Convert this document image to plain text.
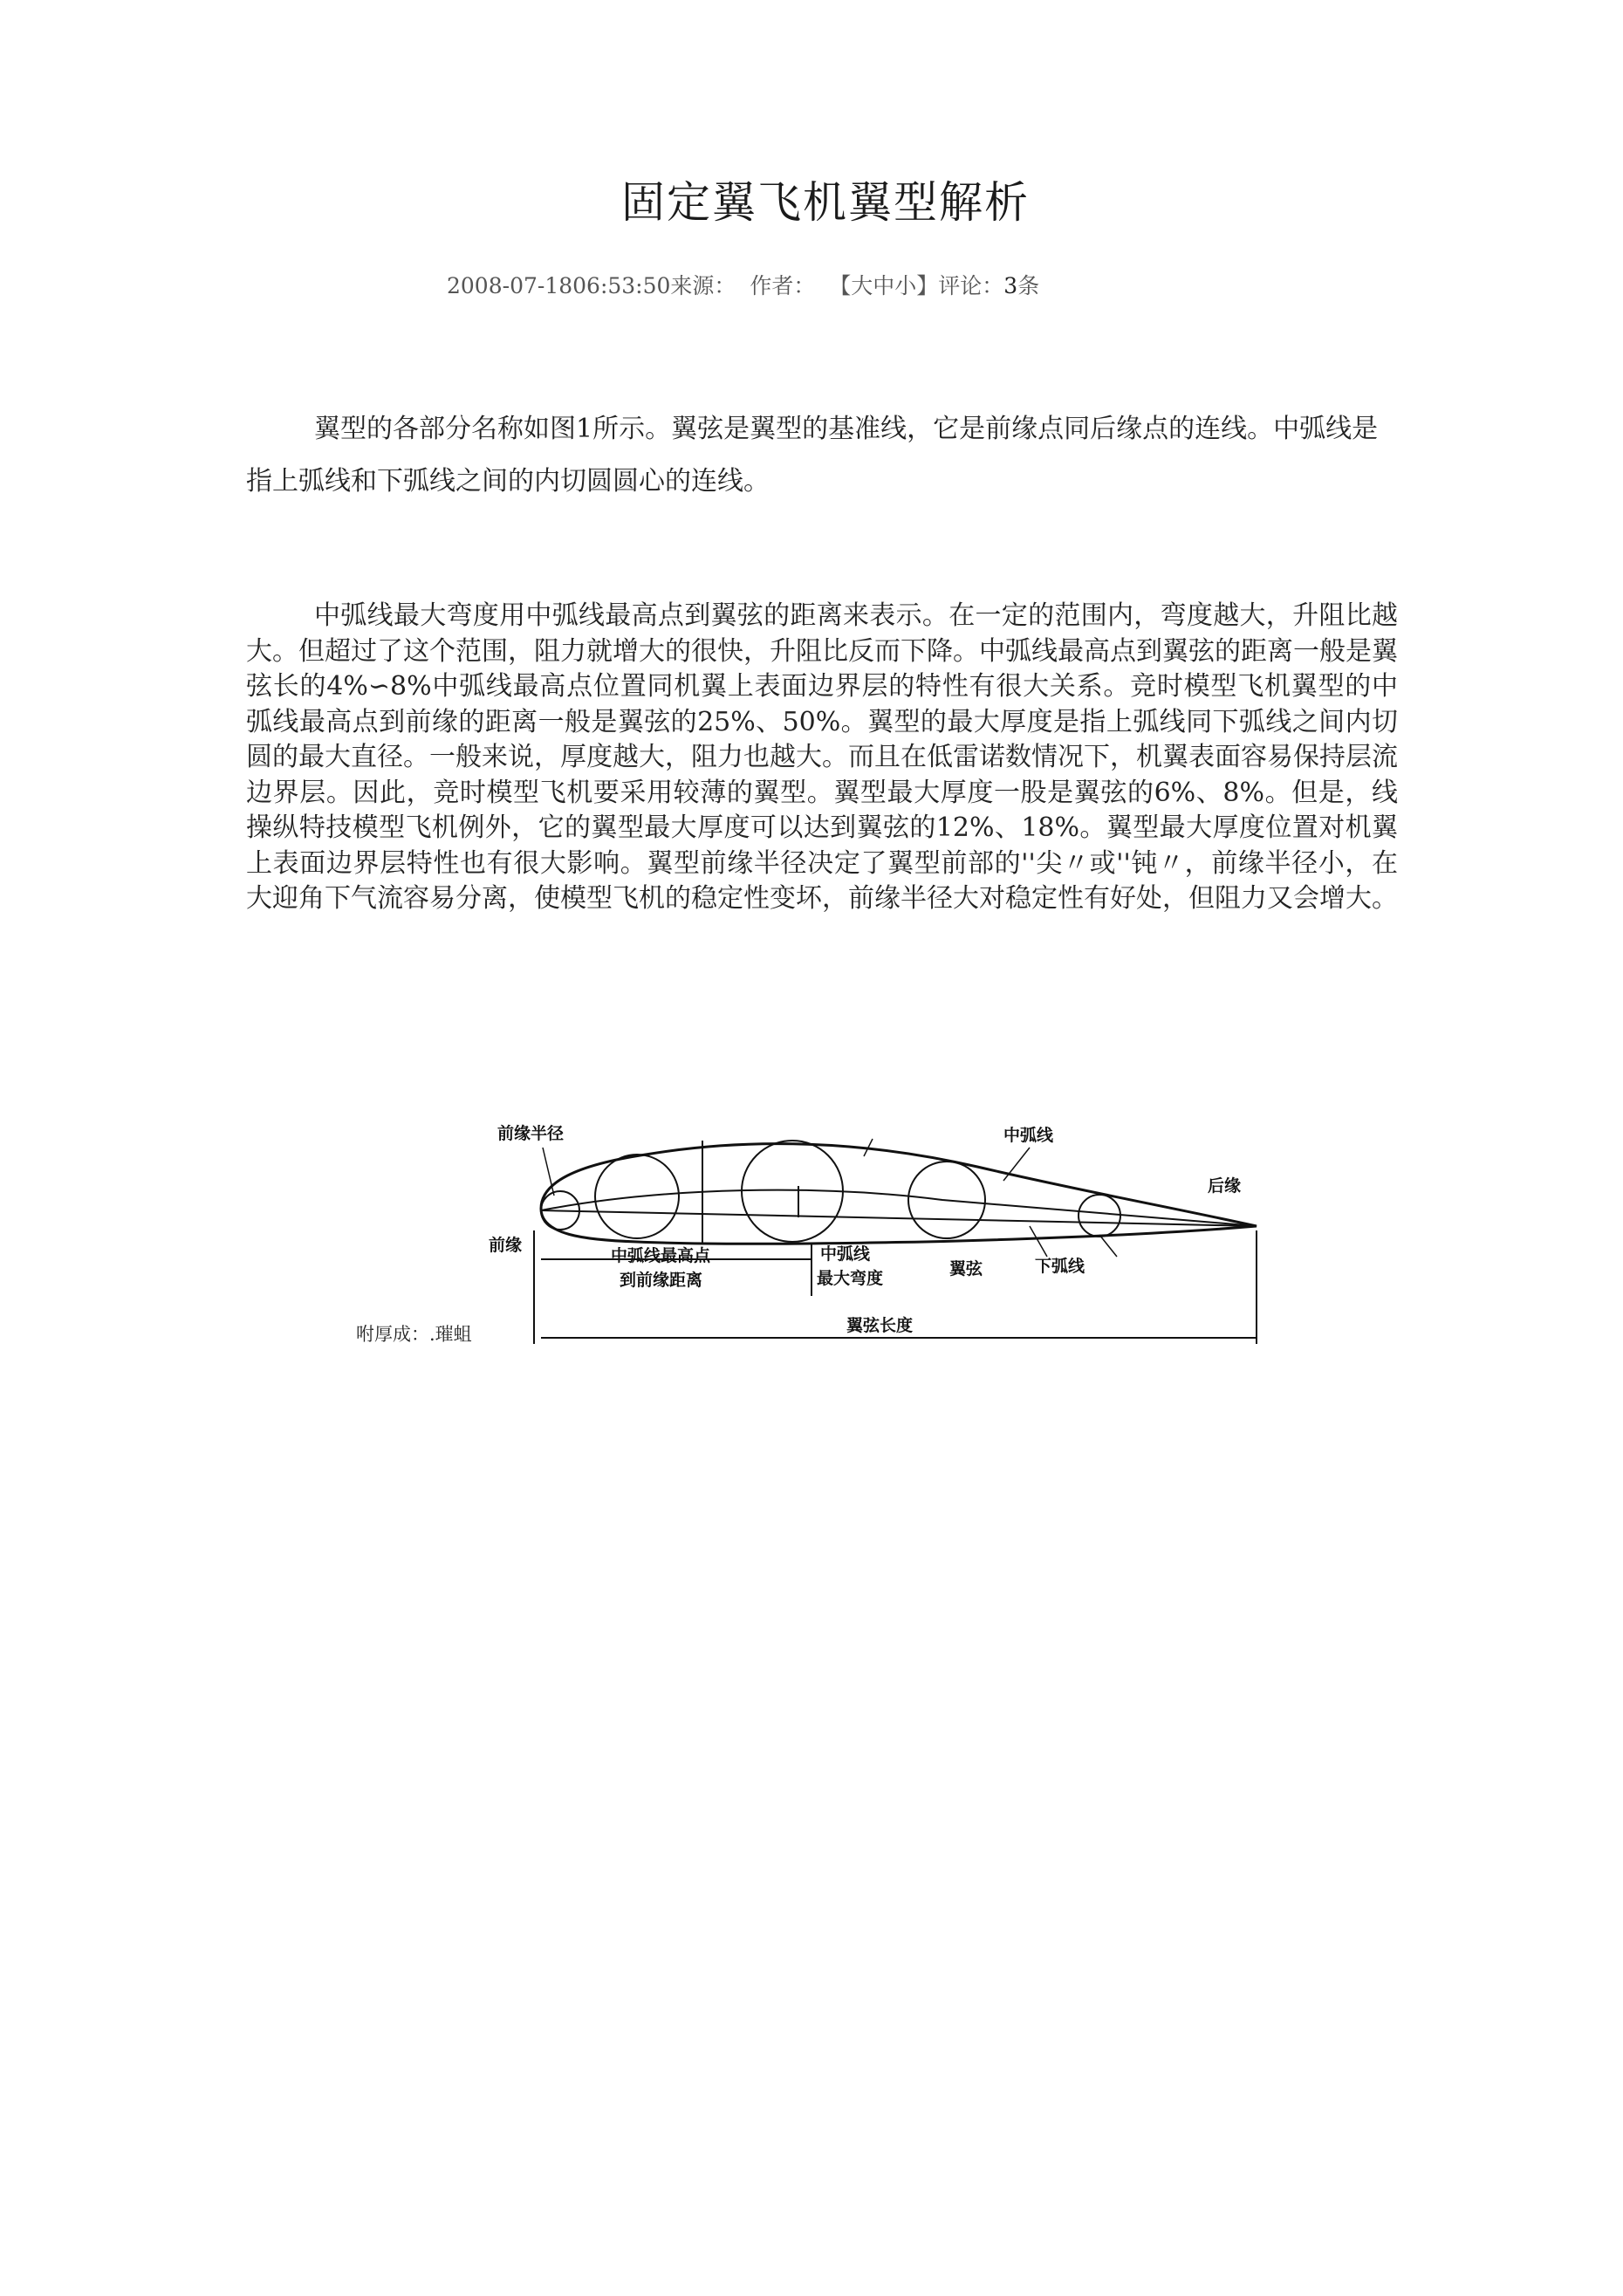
固定翼飞机翼型解析
2008-07-1806:53:50来源： 作者： 【大中小】评论：3条

翼型的各部分名称如图1所示。翼弦是翼型的基准线，它是前缘点同后缘点的连线。中弧线是指上弧线和下弧线之间的内切圆圆心的连线。

中弧线最大弯度用中弧线最高点到翼弦的距离来表示。在一定的范围内，弯度越大，升阻比越大。但超过了这个范围，阻力就增大的很快，升阻比反而下降。中弧线最高点到翼弦的距离一般是翼弦长的4%∽8%中弧线最高点位置同机翼上表面边界层的特性有很大关系。竞时模型飞机翼型的中弧线最高点到前缘的距离一般是翼弦的25%、50%。翼型的最大厚度是指上弧线同下弧线之间内切圆的最大直径。一般来说，厚度越大，阻力也越大。而且在低雷诺数情况下，机翼表面容易保持层流边界层。因此，竞时模型飞机要采用较薄的翼型。翼型最大厚度一股是翼弦的6%、8%。但是，线操纵特技模型飞机例外，它的翼型最大厚度可以达到翼弦的12%、18%。翼型最大厚度位置对机翼上表面边界层特性也有很大影响。翼型前缘半径决定了翼型前部的''尖〃或''钝〃，前缘半径小，在大迎角下气流容易分离，使模型飞机的稳定性变坏，前缘半径大对稳定性有好处，但阻力又会增大。

前缘半径	中弧线
后缘
前缘
中弧线最高点
到前缘距离
中弧线
最大弯度	翼弦	下弧线
翼弦长度
咐厚成：.璀蛆
